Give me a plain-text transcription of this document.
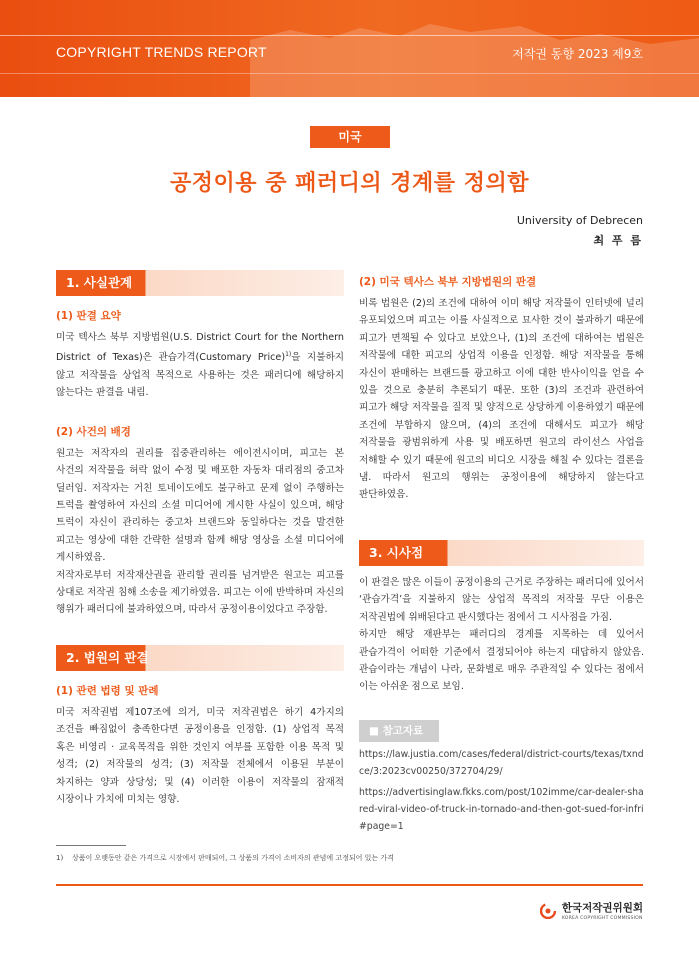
COPYRIGHT TRENDS REPORT	저작권 동향 2023 제9호
미국
공정이용 중 패러디의 경계를 정의함
University of Debrecen
최 푸 름
1. 사실관계
(1) 판결 요약
미국 텍사스 북부 지방법원(U.S. District Court for the Northern District of Texas)은 관습가격(Customary Price)$^{1)}$을 지불하지 않고 저작물을 상업적 목적으로 사용하는 것은 패러디에 해당하지 않는다는 판결을 내림.
(2) 사건의 배경
원고는 저작자의 권리를 집중관리하는 에이전시이며, 피고는 본 사건의 저작물을 허락 없이 수정 및 배포한 자동차 대리점의 중고차 딜러임. 저작자는 거친 토네이도에도 불구하고 문제 없이 주행하는 트럭을 촬영하여 자신의 소셜 미디어에 게시한 사실이 있으며, 해당 트럭이 자신이 관리하는 중고차 브랜드와 동일하다는 것을 발견한 피고는 영상에 대한 간략한 설명과 함께 해당 영상을 소셜 미디어에 게시하였음.
저작자로부터 저작재산권을 관리할 권리를 넘겨받은 원고는 피고를 상대로 저작권 침해 소송을 제기하였음. 피고는 이에 반박하며 자신의 행위가 패러디에 불과하였으며, 따라서 공정이용이었다고 주장함.
2. 법원의 판결
(1) 관련 법령 및 판례
미국 저작권법 제107조에 의거, 미국 저작권법은 하기 4가지의 조건을 빠짐없이 충족한다면 공정이용을 인정함. (1) 상업적 목적 혹은 비영리 · 교육목적을 위한 것인지 여부를 포함한 이용 목적 및 성격; (2) 저작물의 성격; (3) 저작물 전체에서 이용된 부분이 차지하는 양과 상당성; 및 (4) 이러한 이용이 저작물의 잠재적 시장이나 가치에 미치는 영향.
(2) 미국 텍사스 북부 지방법원의 판결
비록 법원은 (2)의 조건에 대하여 이미 해당 저작물이 인터넷에 널리 유포되었으며 피고는 이를 사실적으로 묘사한 것이 불과하기 때문에 피고가 면책될 수 있다고 보았으나, (1)의 조건에 대하여는 법원은 저작물에 대한 피고의 상업적 이용을 인정함. 해당 저작물을 통해 자신이 판매하는 브랜드를 광고하고 이에 대한 반사이익을 얻을 수 있을 것으로 충분히 추론되기 때문. 또한 (3)의 조건과 관련하여 피고가 해당 저작물을 질적 및 양적으로 상당하게 이용하였기 때문에 조건에 부합하지 않으며, (4)의 조건에 대해서도 피고가 해당 저작물을 광범위하게 사용 및 배포하면 원고의 라이선스 사업을 저해할 수 있기 때문에 원고의 비디오 시장을 해칠 수 있다는 결론을 냄. 따라서 원고의 행위는 공정이용에 해당하지 않는다고 판단하였음.
3. 시사점
이 판결은 많은 이들이 공정이용의 근거로 주장하는 패러디에 있어서 ‘관습가격’을 지불하지 않는 상업적 목적의 저작물 무단 이용은 저작권법에 위배된다고 판시했다는 점에서 그 시사점을 가짐.
하지만 해당 재판부는 패러디의 경계를 지목하는 데 있어서 관습가격이 어떠한 기준에서 결정되어야 하는지 대답하지 않았음. 관습이라는 개념이 나라, 문화별로 매우 주관적일 수 있다는 점에서 이는 아쉬운 점으로 보임.
■ 참고자료
https://law.justia.com/cases/federal/district-courts/texas/txndce/3:2023cv00250/372704/29/
https://advertisinglaw.fkks.com/post/102imme/car-dealer-shared-viral-video-of-truck-in-tornado-and-then-got-sued-for-infri#page=1
1) 상품이 오랫동안 같은 가격으로 시장에서 판매되어, 그 상품의 가격이 소비자의 관념에 고정되어 있는 가격
한국저작권위원회
KOREA COPYRIGHT COMMISSION
